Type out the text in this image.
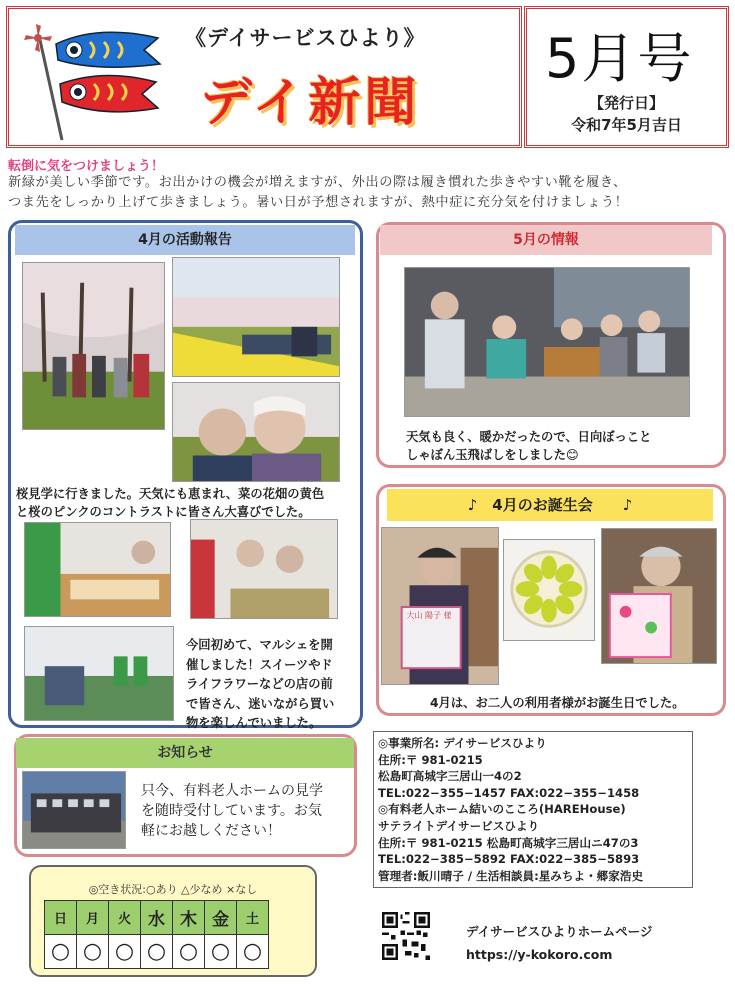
《デイサービスひより》
デイ新聞
5月号
【発行日】
令和7年5月吉日
転倒に気をつけましょう！
新緑が美しい季節です。お出かけの機会が増えますが、外出の際は履き慣れた歩きやすい靴を履き、
つま先をしっかり上げて歩きましょう。暑い日が予想されますが、熱中症に充分気を付けましょう！
4月の活動報告
桜見学に行きました。天気にも恵まれ、菜の花畑の黄色
と桜のピンクのコントラストに皆さん大喜びでした。
今回初めて、マルシェを開
催しました！スイーツやド
ライフラワーなどの店の前
で皆さん、迷いながら買い
物を楽しんでいました。
5月の情報
天気も良く、暖かだったので、日向ぼっこと
しゃぼん玉飛ばしをしました😊
♪　4月のお誕生会　　♪
大山 陽子 様
4月は、お二人の利用者様がお誕生日でした。
お知らせ
只今、有料老人ホームの見学
を随時受付しています。お気
軽にお越しください！
◎事業所名: デイサービスひより
住所:〒 981-0215
松島町高城字三居山一4の2
TEL:022−355−1457 FAX:022−355−1458
◎有料老人ホーム結いのこころ(HAREHouse)
サテライトデイサービスひより
住所:〒 981-0215 松島町高城字三居山ニ47の3
TEL:022−385−5892 FAX:022−385−5893
管理者:飯川晴子 / 生活相談員:星みちよ・郷家浩史
◎空き状況:○あり △少なめ ×なし
日	月	火	水	木	金	土
○	○	○	○	○	○	○
デイサービスひよりホームページ
https://y-kokoro.com
